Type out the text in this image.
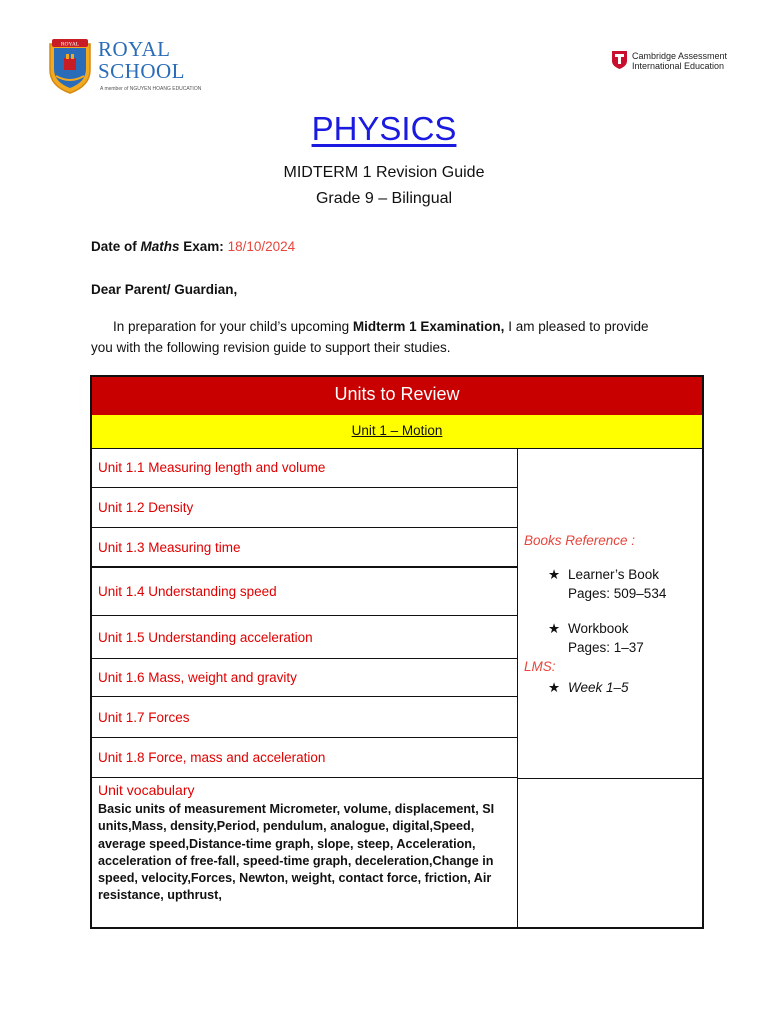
ROYAL ROYAL
SCHOOL
A member of NGUYEN HOANG EDUCATION
Cambridge Assessment
International Education
PHYSICS
MIDTERM 1 Revision Guide
Grade 9 – Bilingual
Date of Maths Exam: 18/10/2024
Dear Parent/ Guardian,
In preparation for your child’s upcoming Midterm 1 Examination, I am pleased to provide you with the following revision guide to support their studies.
Units to Review
Unit 1 – Motion
Unit 1.1 Measuring length and volume
Unit 1.2 Density
Unit 1.3 Measuring time
Unit 1.4 Understanding speed
Unit 1.5 Understanding acceleration
Unit 1.6 Mass, weight and gravity
Unit 1.7 Forces
Unit 1.8 Force, mass and acceleration
Books Reference :
★ Learner’s Book
Pages: 509–534
★ Workbook
Pages: 1–37
LMS:
★ Week 1–5
Unit vocabulary
Basic units of measurement Micrometer, volume, displacement, SI units,Mass, density,Period, pendulum, analogue, digital,Speed, average speed,Distance-time graph, slope, steep, Acceleration, acceleration of free-fall, speed-time graph, deceleration,Change in speed, velocity,Forces, Newton, weight, contact force, friction, Air resistance, upthrust,
